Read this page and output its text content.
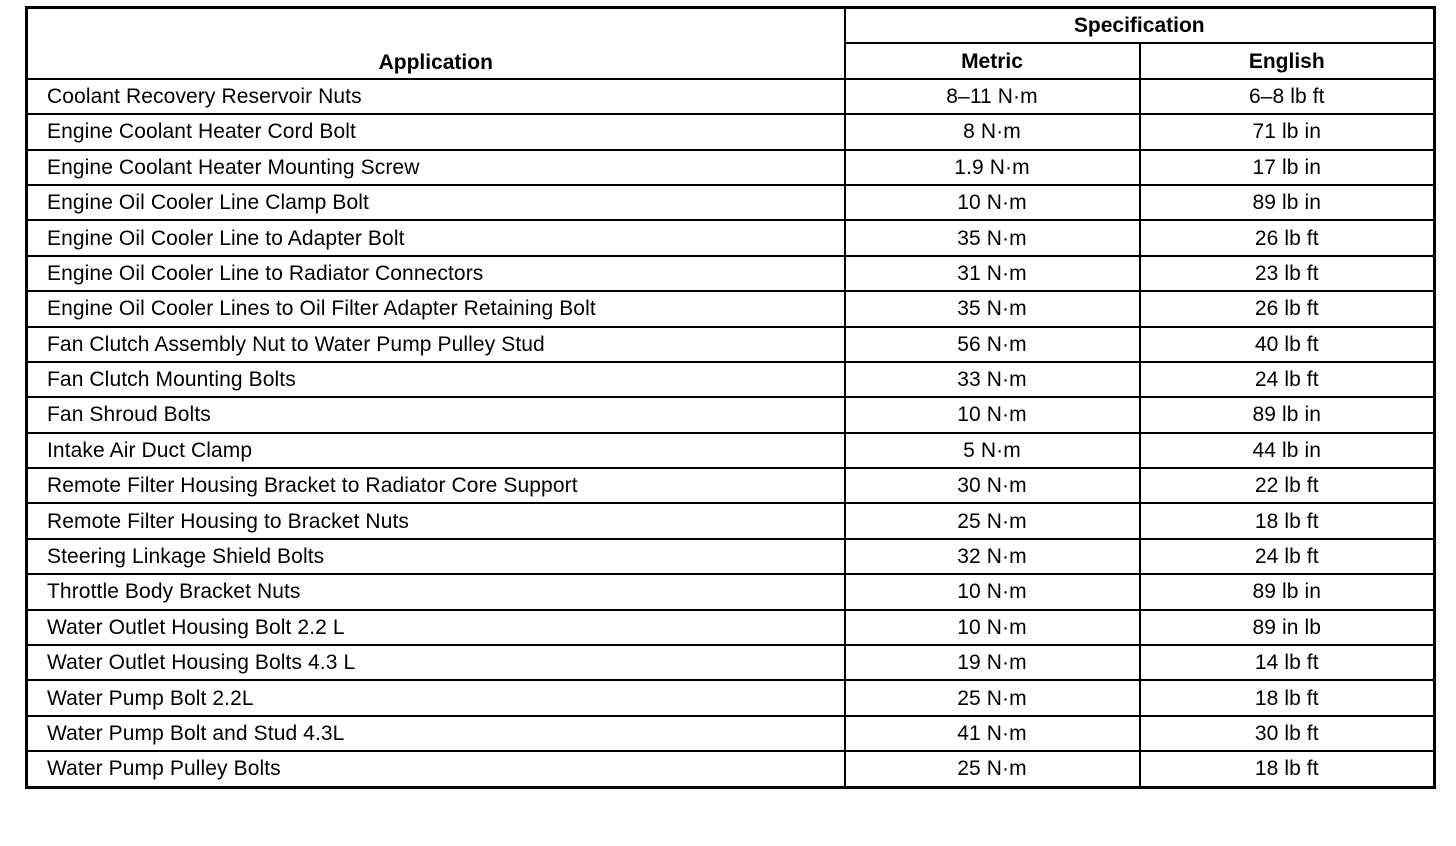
Application	Specification	
	Metric	English
Coolant Recovery Reservoir Nuts	8–11 N·m	6–8 lb ft
Engine Coolant Heater Cord Bolt	8 N·m	71 lb in
Engine Coolant Heater Mounting Screw	1.9 N·m	17 lb in
Engine Oil Cooler Line Clamp Bolt	10 N·m	89 lb in
Engine Oil Cooler Line to Adapter Bolt	35 N·m	26 lb ft
Engine Oil Cooler Line to Radiator Connectors	31 N·m	23 lb ft
Engine Oil Cooler Lines to Oil Filter Adapter Retaining Bolt	35 N·m	26 lb ft
Fan Clutch Assembly Nut to Water Pump Pulley Stud	56 N·m	40 lb ft
Fan Clutch Mounting Bolts	33 N·m	24 lb ft
Fan Shroud Bolts	10 N·m	89 lb in
Intake Air Duct Clamp	5 N·m	44 lb in
Remote Filter Housing Bracket to Radiator Core Support	30 N·m	22 lb ft
Remote Filter Housing to Bracket Nuts	25 N·m	18 lb ft
Steering Linkage Shield Bolts	32 N·m	24 lb ft
Throttle Body Bracket Nuts	10 N·m	89 lb in
Water Outlet Housing Bolt 2.2 L	10 N·m	89 in lb
Water Outlet Housing Bolts 4.3 L	19 N·m	14 lb ft
Water Pump Bolt 2.2L	25 N·m	18 lb ft
Water Pump Bolt and Stud 4.3L	41 N·m	30 lb ft
Water Pump Pulley Bolts	25 N·m	18 lb ft
